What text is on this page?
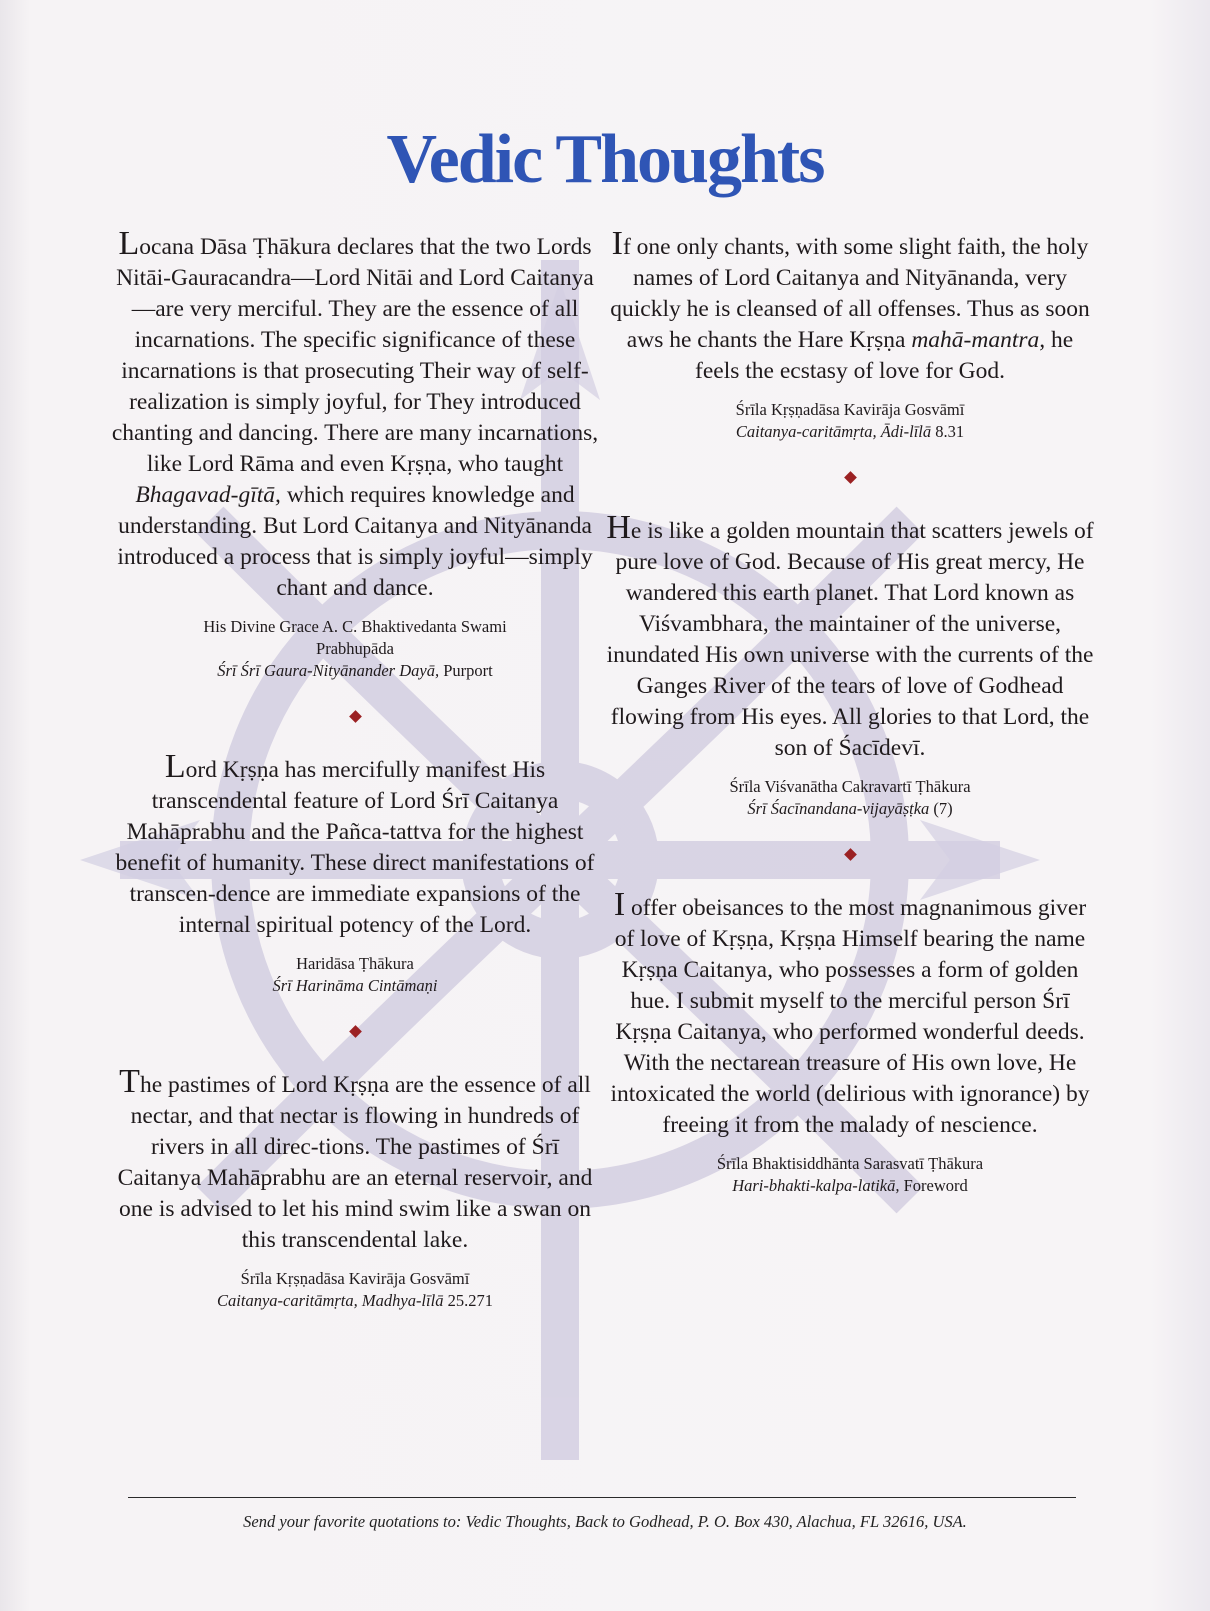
Vedic Thoughts

Locana Dāsa Ṭhākura declares that the two Lords Nitāi-Gauracandra—Lord Nitāi and Lord Caitanya—are very merciful. They are the essence of all incarnations. The specific significance of these incarnations is that prosecuting Their way of self-realization is simply joyful, for They introduced chanting and dancing. There are many incarnations, like Lord Rāma and even Kṛṣṇa, who taught Bhagavad-gītā, which requires knowledge and understanding. But Lord Caitanya and Nityānanda introduced a process that is simply joyful—simply chant and dance.

His Divine Grace A. C. Bhaktivedanta Swami Prabhupāda
Śrī Śrī Gaura-Nityānander Dayā, Purport

Lord Kṛṣṇa has mercifully manifest His transcendental feature of Lord Śrī Caitanya Mahāprabhu and the Pañca-tattva for the highest benefit of humanity. These direct manifestations of transcen-dence are immediate expansions of the internal spiritual potency of the Lord.

Haridāsa Ṭhākura
Śrī Harināma Cintāmaṇi

The pastimes of Lord Kṛṣṇa are the essence of all nectar, and that nectar is flowing in hundreds of rivers in all direc-tions. The pastimes of Śrī Caitanya Mahāprabhu are an eternal reservoir, and one is advised to let his mind swim like a swan on this transcendental lake.

Śrīla Kṛṣṇadāsa Kavirāja Gosvāmī
Caitanya-caritāmṛta, Madhya-līlā 25.271

If one only chants, with some slight faith, the holy names of Lord Caitanya and Nityānanda, very quickly he is cleansed of all offenses. Thus as soon aws he chants the Hare Kṛṣṇa mahā-mantra, he feels the ecstasy of love for God.

Śrīla Kṛṣṇadāsa Kavirāja Gosvāmī
Caitanya-caritāmṛta, Ādi-līlā 8.31

He is like a golden mountain that scatters jewels of pure love of God. Because of His great mercy, He wandered this earth planet. That Lord known as Viśvambhara, the maintainer of the universe, inundated His own universe with the currents of the Ganges River of the tears of love of Godhead flowing from His eyes. All glories to that Lord, the son of Śacīdevī.

Śrīla Viśvanātha Cakravartī Ṭhākura
Śrī Śacīnandana-vijayāṣṭka (7)

I offer obeisances to the most magnanimous giver of love of Kṛṣṇa, Kṛṣṇa Himself bearing the name Kṛṣṇa Caitanya, who possesses a form of golden hue. I submit myself to the merciful person Śrī Kṛṣṇa Caitanya, who performed wonderful deeds. With the nectarean treasure of His own love, He intoxicated the world (delirious with ignorance) by freeing it from the malady of nescience.

Śrīla Bhaktisiddhānta Sarasvatī Ṭhākura
Hari-bhakti-kalpa-latikā, Foreword
Send your favorite quotations to: Vedic Thoughts, Back to Godhead, P. O. Box 430, Alachua, FL 32616, USA.
